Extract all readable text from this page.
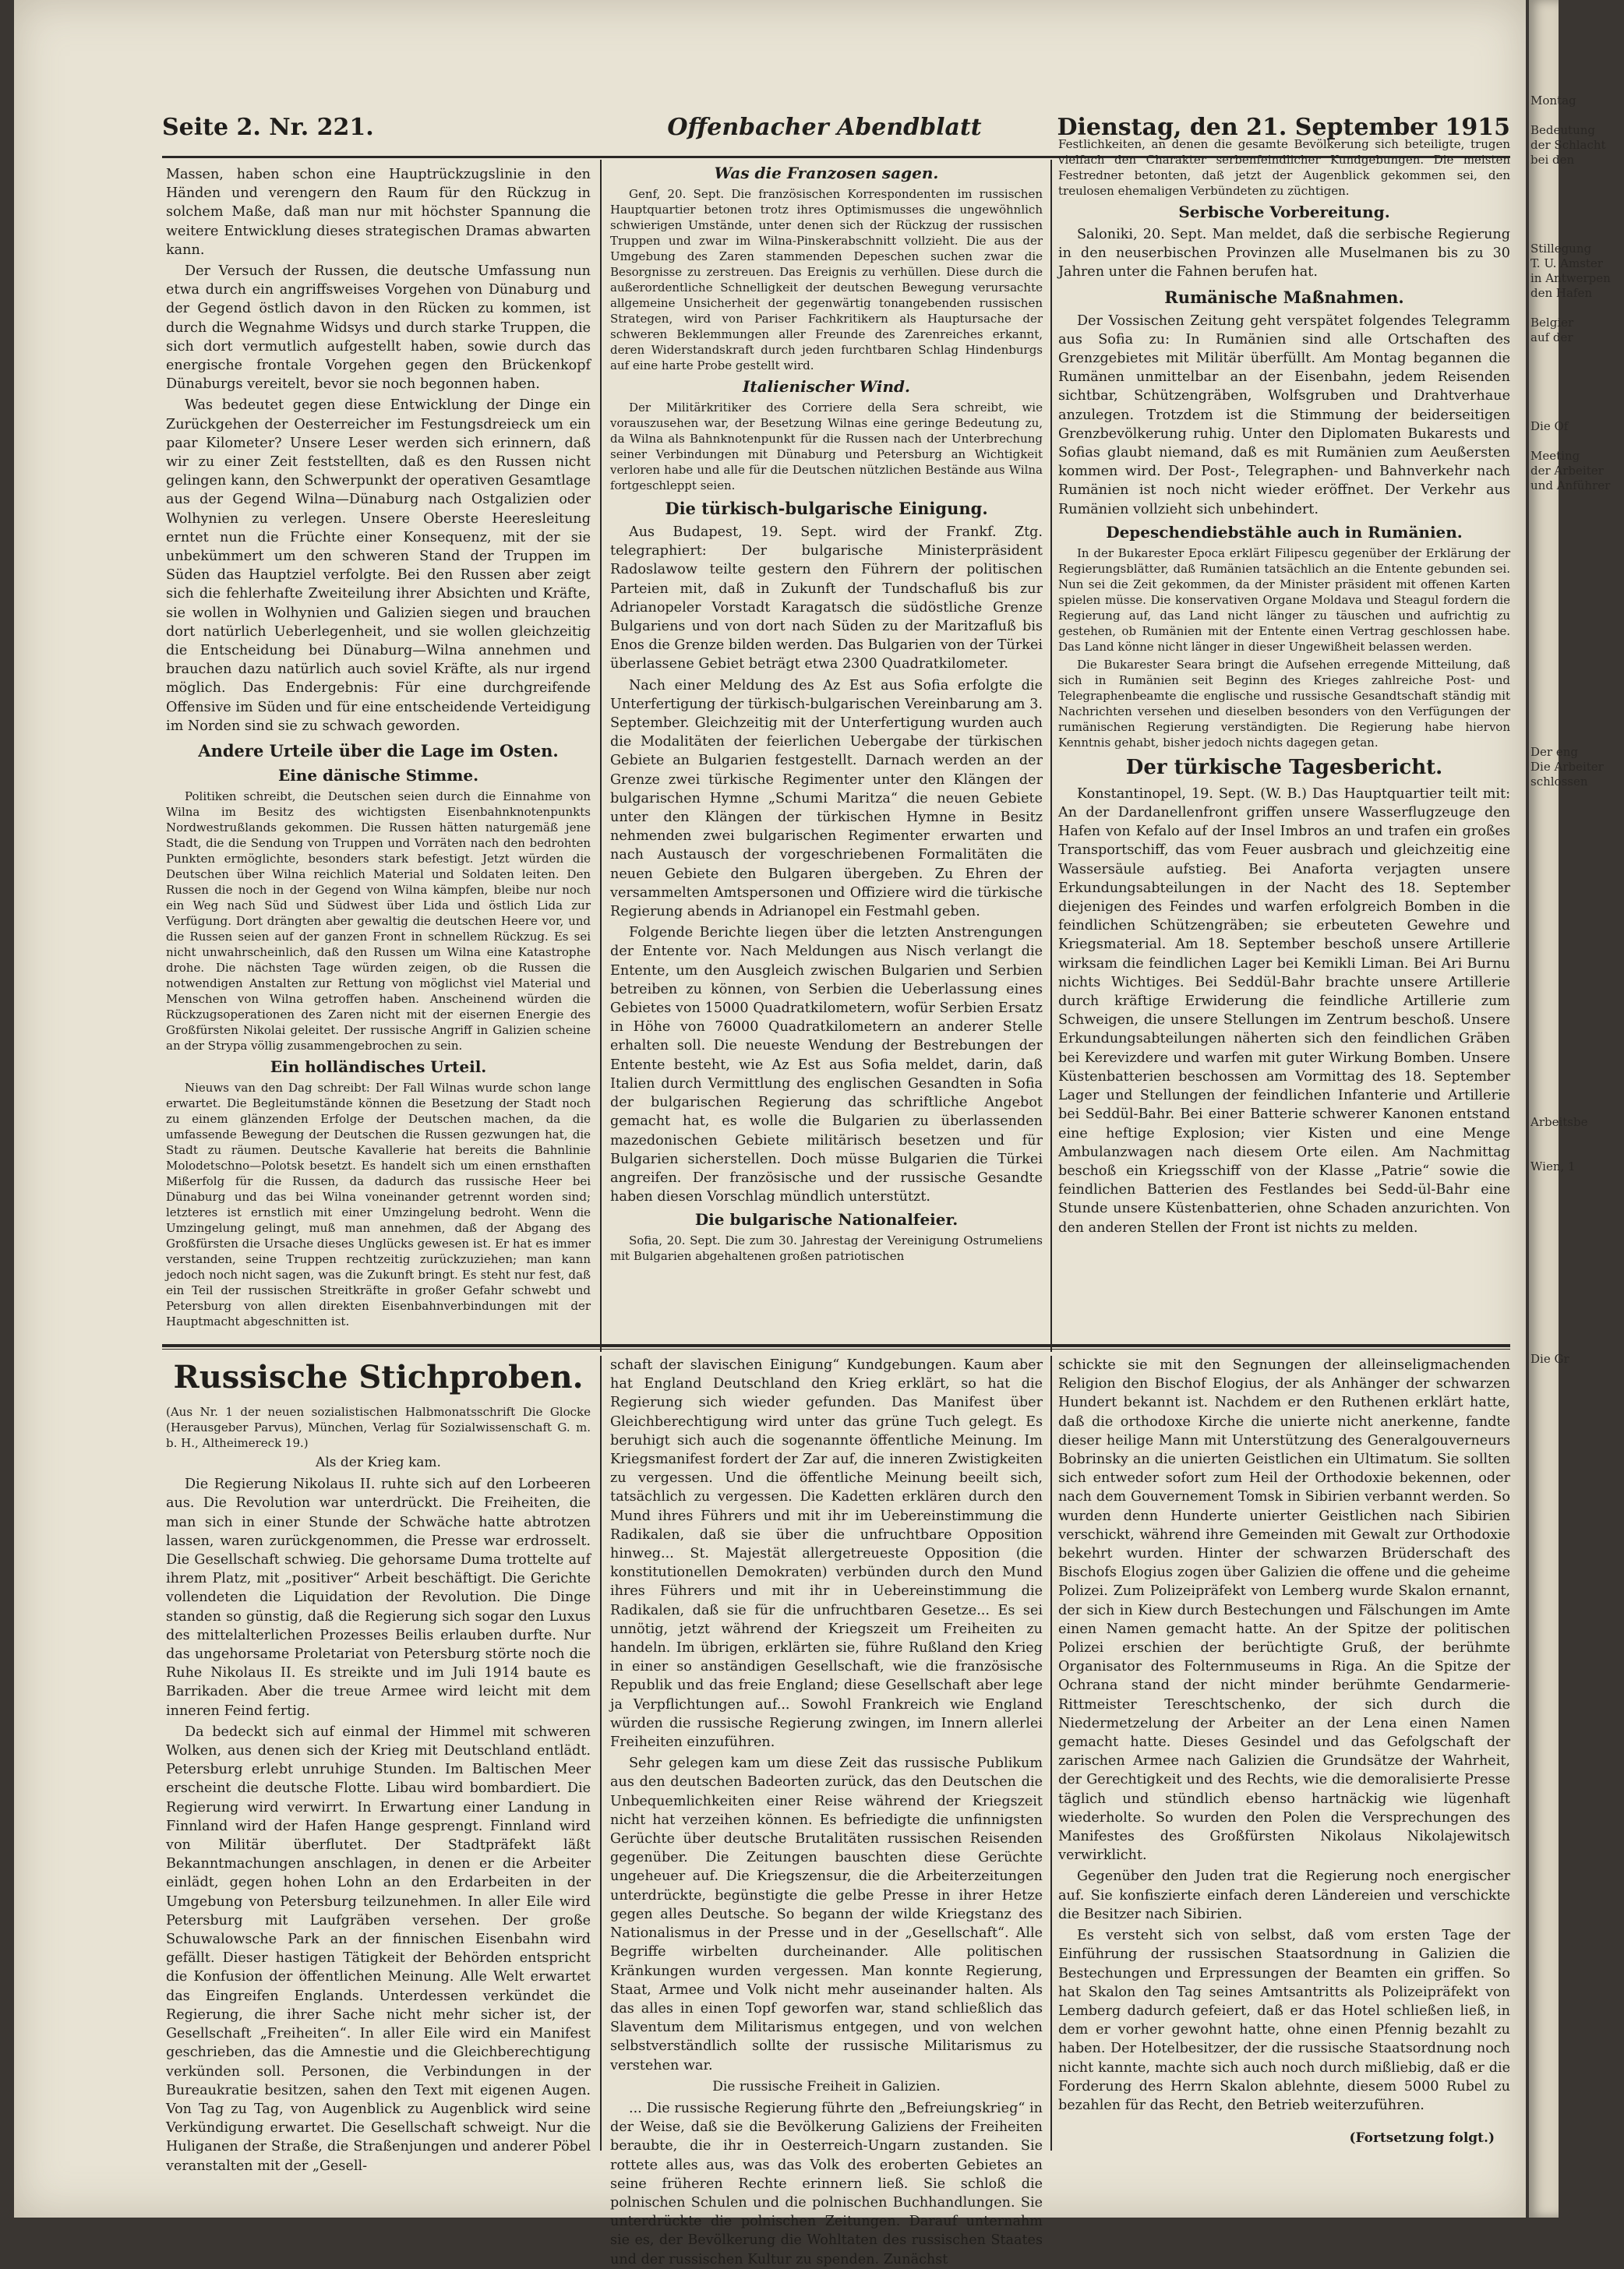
Seite 2. Nr. 221.	Offenbacher Abendblatt	Dienstag, den 21. September 1915

Massen, haben schon eine Hauptrückzugslinie in den Händen und verengern den Raum für den Rückzug in solchem Maße, daß man nur mit höchster Spannung die weitere Entwicklung dieses strategischen Dramas abwarten kann.

Der Versuch der Russen, die deutsche Umfassung nun etwa durch ein angriffsweises Vorgehen von Dünaburg und der Gegend östlich davon in den Rücken zu kommen, ist durch die Wegnahme Widsys und durch starke Truppen, die sich dort vermutlich aufgestellt haben, sowie durch das energische frontale Vorgehen gegen den Brückenkopf Dünaburgs vereitelt, bevor sie noch begonnen haben.

Was bedeutet gegen diese Entwicklung der Dinge ein Zurückgehen der Oesterreicher im Festungsdreieck um ein paar Kilometer? Unsere Leser werden sich erinnern, daß wir zu einer Zeit feststellten, daß es den Russen nicht gelingen kann, den Schwerpunkt der operativen Gesamtlage aus der Gegend Wilna—Dünaburg nach Ostgalizien oder Wolhynien zu verlegen. Unsere Oberste Heeresleitung erntet nun die Früchte einer Konsequenz, mit der sie unbekümmert um den schweren Stand der Truppen im Süden das Hauptziel verfolgte. Bei den Russen aber zeigt sich die fehlerhafte Zweiteilung ihrer Absichten und Kräfte, sie wollen in Wolhynien und Galizien siegen und brauchen dort natürlich Ueberlegenheit, und sie wollen gleichzeitig die Entscheidung bei Dünaburg—Wilna annehmen und brauchen dazu natürlich auch soviel Kräfte, als nur irgend möglich. Das Endergebnis: Für eine durchgreifende Offensive im Süden und für eine entscheidende Verteidigung im Norden sind sie zu schwach geworden.

Andere Urteile über die Lage im Osten.
Eine dänische Stimme.

Politiken schreibt, die Deutschen seien durch die Einnahme von Wilna im Besitz des wichtigsten Eisenbahnknotenpunkts Nordwestrußlands gekommen. Die Russen hätten naturgemäß jene Stadt, die die Sendung von Truppen und Vorräten nach den bedrohten Punkten ermöglichte, besonders stark befestigt. Jetzt würden die Deutschen über Wilna reichlich Material und Soldaten leiten. Den Russen die noch in der Gegend von Wilna kämpfen, bleibe nur noch ein Weg nach Süd und Südwest über Lida und östlich Lida zur Verfügung. Dort drängten aber gewaltig die deutschen Heere vor, und die Russen seien auf der ganzen Front in schnellem Rückzug. Es sei nicht unwahrscheinlich, daß den Russen um Wilna eine Katastrophe drohe. Die nächsten Tage würden zeigen, ob die Russen die notwendigen Anstalten zur Rettung von möglichst viel Material und Menschen von Wilna getroffen haben. Anscheinend würden die Rückzugsoperationen des Zaren nicht mit der eisernen Energie des Großfürsten Nikolai geleitet. Der russische Angriff in Galizien scheine an der Strypa völlig zusammengebrochen zu sein.

Ein holländisches Urteil.

Nieuws van den Dag schreibt: Der Fall Wilnas wurde schon lange erwartet. Die Begleitumstände können die Besetzung der Stadt noch zu einem glänzenden Erfolge der Deutschen machen, da die umfassende Bewegung der Deutschen die Russen gezwungen hat, die Stadt zu räumen. Deutsche Kavallerie hat bereits die Bahnlinie Molodetschno—Polotsk besetzt. Es handelt sich um einen ernsthaften Mißerfolg für die Russen, da dadurch das russische Heer bei Dünaburg und das bei Wilna voneinander getrennt worden sind; letzteres ist ernstlich mit einer Umzingelung bedroht. Wenn die Umzingelung gelingt, muß man annehmen, daß der Abgang des Großfürsten die Ursache dieses Unglücks gewesen ist. Er hat es immer verstanden, seine Truppen rechtzeitig zurückzuziehen; man kann jedoch noch nicht sagen, was die Zukunft bringt. Es steht nur fest, daß ein Teil der russischen Streitkräfte in großer Gefahr schwebt und Petersburg von allen direkten Eisenbahnverbindungen mit der Hauptmacht abgeschnitten ist.

Was die Franzosen sagen.

Genf, 20. Sept. Die französischen Korrespondenten im russischen Hauptquartier betonen trotz ihres Optimismusses die ungewöhnlich schwierigen Umstände, unter denen sich der Rückzug der russischen Truppen und zwar im Wilna-Pinskerabschnitt vollzieht. Die aus der Umgebung des Zaren stammenden Depeschen suchen zwar die Besorgnisse zu zerstreuen. Das Ereignis zu verhüllen. Diese durch die außerordentliche Schnelligkeit der deutschen Bewegung verursachte allgemeine Unsicherheit der gegenwärtig tonangebenden russischen Strategen, wird von Pariser Fachkritikern als Hauptursache der schweren Beklemmungen aller Freunde des Zarenreiches erkannt, deren Widerstandskraft durch jeden furchtbaren Schlag Hindenburgs auf eine harte Probe gestellt wird.

Italienischer Wind.

Der Militärkritiker des Corriere della Sera schreibt, wie vorauszusehen war, der Besetzung Wilnas eine geringe Bedeutung zu, da Wilna als Bahnknotenpunkt für die Russen nach der Unterbrechung seiner Verbindungen mit Dünaburg und Petersburg an Wichtigkeit verloren habe und alle für die Deutschen nützlichen Bestände aus Wilna fortgeschleppt seien.

Die türkisch-bulgarische Einigung.

Aus Budapest, 19. Sept. wird der Frankf. Ztg. telegraphiert: Der bulgarische Ministerpräsident Radoslawow teilte gestern den Führern der politischen Parteien mit, daß in Zukunft der Tundschafluß bis zur Adrianopeler Vorstadt Karagatsch die südöstliche Grenze Bulgariens und von dort nach Süden zu der Maritzafluß bis Enos die Grenze bilden werden. Das Bulgarien von der Türkei überlassene Gebiet beträgt etwa 2300 Quadratkilometer.

Nach einer Meldung des Az Est aus Sofia erfolgte die Unterfertigung der türkisch-bulgarischen Vereinbarung am 3. September. Gleichzeitig mit der Unterfertigung wurden auch die Modalitäten der feierlichen Uebergabe der türkischen Gebiete an Bulgarien festgestellt. Darnach werden an der Grenze zwei türkische Regimenter unter den Klängen der bulgarischen Hymne „Schumi Maritza“ die neuen Gebiete unter den Klängen der türkischen Hymne in Besitz nehmenden zwei bulgarischen Regimenter erwarten und nach Austausch der vorgeschriebenen Formalitäten die neuen Gebiete den Bulgaren übergeben. Zu Ehren der versammelten Amtspersonen und Offiziere wird die türkische Regierung abends in Adrianopel ein Festmahl geben.

Folgende Berichte liegen über die letzten Anstrengungen der Entente vor. Nach Meldungen aus Nisch verlangt die Entente, um den Ausgleich zwischen Bulgarien und Serbien betreiben zu können, von Serbien die Ueberlassung eines Gebietes von 15000 Quadratkilometern, wofür Serbien Ersatz in Höhe von 76000 Quadratkilometern an anderer Stelle erhalten soll. Die neueste Wendung der Bestrebungen der Entente besteht, wie Az Est aus Sofia meldet, darin, daß Italien durch Vermittlung des englischen Gesandten in Sofia der bulgarischen Regierung das schriftliche Angebot gemacht hat, es wolle die Bulgarien zu überlassenden mazedonischen Gebiete militärisch besetzen und für Bulgarien sicherstellen. Doch müsse Bulgarien die Türkei angreifen. Der französische und der russische Gesandte haben diesen Vorschlag mündlich unterstützt.

Die bulgarische Nationalfeier.

Sofia, 20. Sept. Die zum 30. Jahrestag der Vereinigung Ostrumeliens mit Bulgarien abgehaltenen großen patriotischen

Festlichkeiten, an denen die gesamte Bevölkerung sich beteiligte, trugen vielfach den Charakter serbenfeindlicher Kundgebungen. Die meisten Festredner betonten, daß jetzt der Augenblick gekommen sei, den treulosen ehemaligen Verbündeten zu züchtigen.

Serbische Vorbereitung.

Saloniki, 20. Sept. Man meldet, daß die serbische Regierung in den neuserbischen Provinzen alle Muselmanen bis zu 30 Jahren unter die Fahnen berufen hat.

Rumänische Maßnahmen.

Der Vossischen Zeitung geht verspätet folgendes Telegramm aus Sofia zu: In Rumänien sind alle Ortschaften des Grenzgebietes mit Militär überfüllt. Am Montag begannen die Rumänen unmittelbar an der Eisenbahn, jedem Reisenden sichtbar, Schützengräben, Wolfsgruben und Drahtverhaue anzulegen. Trotzdem ist die Stimmung der beiderseitigen Grenzbevölkerung ruhig. Unter den Diplomaten Bukarests und Sofias glaubt niemand, daß es mit Rumänien zum Aeußersten kommen wird. Der Post-, Telegraphen- und Bahnverkehr nach Rumänien ist noch nicht wieder eröffnet. Der Verkehr aus Rumänien vollzieht sich unbehindert.

Depeschendiebstähle auch in Rumänien.

In der Bukarester Epoca erklärt Filipescu gegenüber der Erklärung der Regierungsblätter, daß Rumänien tatsächlich an die Entente gebunden sei. Nun sei die Zeit gekommen, da der Minister präsident mit offenen Karten spielen müsse. Die konservativen Organe Moldava und Steagul fordern die Regierung auf, das Land nicht länger zu täuschen und aufrichtig zu gestehen, ob Rumänien mit der Entente einen Vertrag geschlossen habe. Das Land könne nicht länger in dieser Ungewißheit belassen werden.

Die Bukarester Seara bringt die Aufsehen erregende Mitteilung, daß sich in Rumänien seit Beginn des Krieges zahlreiche Post- und Telegraphenbeamte die englische und russische Gesandtschaft ständig mit Nachrichten versehen und dieselben besonders von den Verfügungen der rumänischen Regierung verständigten. Die Regierung habe hiervon Kenntnis gehabt, bisher jedoch nichts dagegen getan.

Der türkische Tagesbericht.

Konstantinopel, 19. Sept. (W. B.) Das Hauptquartier teilt mit: An der Dardanellenfront griffen unsere Wasserflugzeuge den Hafen von Kefalo auf der Insel Imbros an und trafen ein großes Transportschiff, das vom Feuer ausbrach und gleichzeitig eine Wassersäule aufstieg. Bei Anaforta verjagten unsere Erkundungsabteilungen in der Nacht des 18. September diejenigen des Feindes und warfen erfolgreich Bomben in die feindlichen Schützengräben; sie erbeuteten Gewehre und Kriegsmaterial. Am 18. September beschoß unsere Artillerie wirksam die feindlichen Lager bei Kemikli Liman. Bei Ari Burnu nichts Wichtiges. Bei Seddül-Bahr brachte unsere Artillerie durch kräftige Erwiderung die feindliche Artillerie zum Schweigen, die unsere Stellungen im Zentrum beschoß. Unsere Erkundungsabteilungen näherten sich den feindlichen Gräben bei Kerevizdere und warfen mit guter Wirkung Bomben. Unsere Küstenbatterien beschossen am Vormittag des 18. September Lager und Stellungen der feindlichen Infanterie und Artillerie bei Seddül-Bahr. Bei einer Batterie schwerer Kanonen entstand eine heftige Explosion; vier Kisten und eine Menge Ambulanzwagen nach diesem Orte eilen. Am Nachmittag beschoß ein Kriegsschiff von der Klasse „Patrie“ sowie die feindlichen Batterien des Festlandes bei Sedd-ül-Bahr eine Stunde unsere Küstenbatterien, ohne Schaden anzurichten. Von den anderen Stellen der Front ist nichts zu melden.

Russische Stichproben.

(Aus Nr. 1 der neuen sozialistischen Halbmonatsschrift Die Glocke (Herausgeber Parvus), München, Verlag für Sozialwissenschaft G. m. b. H., Altheimereck 19.)

Als der Krieg kam.

Die Regierung Nikolaus II. ruhte sich auf den Lorbeeren aus. Die Revolution war unterdrückt. Die Freiheiten, die man sich in einer Stunde der Schwäche hatte abtrotzen lassen, waren zurückgenommen, die Presse war erdrosselt. Die Gesellschaft schwieg. Die gehorsame Duma trottelte auf ihrem Platz, mit „positiver“ Arbeit beschäftigt. Die Gerichte vollendeten die Liquidation der Revolution. Die Dinge standen so günstig, daß die Regierung sich sogar den Luxus des mittelalterlichen Prozesses Beilis erlauben durfte. Nur das ungehorsame Proletariat von Petersburg störte noch die Ruhe Nikolaus II. Es streikte und im Juli 1914 baute es Barrikaden. Aber die treue Armee wird leicht mit dem inneren Feind fertig.

Da bedeckt sich auf einmal der Himmel mit schweren Wolken, aus denen sich der Krieg mit Deutschland entlädt. Petersburg erlebt unruhige Stunden. Im Baltischen Meer erscheint die deutsche Flotte. Libau wird bombardiert. Die Regierung wird verwirrt. In Erwartung einer Landung in Finnland wird der Hafen Hange gesprengt. Finnland wird von Militär überflutet. Der Stadtpräfekt läßt Bekanntmachungen anschlagen, in denen er die Arbeiter einlädt, gegen hohen Lohn an den Erdarbeiten in der Umgebung von Petersburg teilzunehmen. In aller Eile wird Petersburg mit Laufgräben versehen. Der große Schuwalowsche Park an der finnischen Eisenbahn wird gefällt. Dieser hastigen Tätigkeit der Behörden entspricht die Konfusion der öffentlichen Meinung. Alle Welt erwartet das Eingreifen Englands. Unterdessen verkündet die Regierung, die ihrer Sache nicht mehr sicher ist, der Gesellschaft „Freiheiten“. In aller Eile wird ein Manifest geschrieben, das die Amnestie und die Gleichberechtigung verkünden soll. Personen, die Verbindungen in der Bureaukratie besitzen, sahen den Text mit eigenen Augen. Von Tag zu Tag, von Augenblick zu Augenblick wird seine Verkündigung erwartet. Die Gesellschaft schweigt. Nur die Huliganen der Straße, die Straßenjungen und anderer Pöbel veranstalten mit der „Gesell-

schaft der slavischen Einigung“ Kundgebungen. Kaum aber hat England Deutschland den Krieg erklärt, so hat die Regierung sich wieder gefunden. Das Manifest über Gleichberechtigung wird unter das grüne Tuch gelegt. Es beruhigt sich auch die sogenannte öffentliche Meinung. Im Kriegsmanifest fordert der Zar auf, die inneren Zwistigkeiten zu vergessen. Und die öffentliche Meinung beeilt sich, tatsächlich zu vergessen. Die Kadetten erklären durch den Mund ihres Führers und mit ihr im Uebereinstimmung die Radikalen, daß sie über die unfruchtbare Opposition hinweg... St. Majestät allergetreueste Opposition (die konstitutionellen Demokraten) verbünden durch den Mund ihres Führers und mit ihr in Uebereinstimmung die Radikalen, daß sie für die unfruchtbaren Gesetze... Es sei unnötig, jetzt während der Kriegszeit um Freiheiten zu handeln. Im übrigen, erklärten sie, führe Rußland den Krieg in einer so anständigen Gesellschaft, wie die französische Republik und das freie England; diese Gesellschaft aber lege ja Verpflichtungen auf... Sowohl Frankreich wie England würden die russische Regierung zwingen, im Innern allerlei Freiheiten einzuführen.

Sehr gelegen kam um diese Zeit das russische Publikum aus den deutschen Badeorten zurück, das den Deutschen die Unbequemlichkeiten einer Reise während der Kriegszeit nicht hat verzeihen können. Es befriedigte die unfinnigsten Gerüchte über deutsche Brutalitäten russischen Reisenden gegenüber. Die Zeitungen bauschten diese Gerüchte ungeheuer auf. Die Kriegszensur, die die Arbeiterzeitungen unterdrückte, begünstigte die gelbe Presse in ihrer Hetze gegen alles Deutsche. So begann der wilde Kriegstanz des Nationalismus in der Presse und in der „Gesellschaft“. Alle Begriffe wirbelten durcheinander. Alle politischen Kränkungen wurden vergessen. Man konnte Regierung, Staat, Armee und Volk nicht mehr auseinander halten. Als das alles in einen Topf geworfen war, stand schließlich das Slaventum dem Militarismus entgegen, und von welchen selbstverständlich sollte der russische Militarismus zu verstehen war.

Die russische Freiheit in Galizien.

... Die russische Regierung führte den „Befreiungskrieg“ in der Weise, daß sie die Bevölkerung Galiziens der Freiheiten beraubte, die ihr in Oesterreich-Ungarn zustanden. Sie rottete alles aus, was das Volk des eroberten Gebietes an seine früheren Rechte erinnern ließ. Sie schloß die polnischen Schulen und die polnischen Buchhandlungen. Sie unterdrückte die polnischen Zeitungen. Darauf unternahm sie es, der Bevölkerung die Wohltaten des russischen Staates und der russischen Kultur zu spenden. Zunächst

schickte sie mit den Segnungen der alleinseligmachenden Religion den Bischof Elogius, der als Anhänger der schwarzen Hundert bekannt ist. Nachdem er den Ruthenen erklärt hatte, daß die orthodoxe Kirche die unierte nicht anerkenne, fandte dieser heilige Mann mit Unterstützung des Generalgouverneurs Bobrinsky an die unierten Geistlichen ein Ultimatum. Sie sollten sich entweder sofort zum Heil der Orthodoxie bekennen, oder nach dem Gouvernement Tomsk in Sibirien verbannt werden. So wurden denn Hunderte unierter Geistlichen nach Sibirien verschickt, während ihre Gemeinden mit Gewalt zur Orthodoxie bekehrt wurden. Hinter der schwarzen Brüderschaft des Bischofs Elogius zogen über Galizien die offene und die geheime Polizei. Zum Polizeipräfekt von Lemberg wurde Skalon ernannt, der sich in Kiew durch Bestechungen und Fälschungen im Amte einen Namen gemacht hatte. An der Spitze der politischen Polizei erschien der berüchtigte Gruß, der berühmte Organisator des Folternmuseums in Riga. An die Spitze der Ochrana stand der nicht minder berühmte Gendarmerie-Rittmeister Tereschtschenko, der sich durch die Niedermetzelung der Arbeiter an der Lena einen Namen gemacht hatte. Dieses Gesindel und das Gefolgschaft der zarischen Armee nach Galizien die Grundsätze der Wahrheit, der Gerechtigkeit und des Rechts, wie die demoralisierte Presse täglich und stündlich ebenso hartnäckig wie lügenhaft wiederholte. So wurden den Polen die Versprechungen des Manifestes des Großfürsten Nikolaus Nikolajewitsch verwirklicht.

Gegenüber den Juden trat die Regierung noch energischer auf. Sie konfiszierte einfach deren Ländereien und verschickte die Besitzer nach Sibirien.

Es versteht sich von selbst, daß vom ersten Tage der Einführung der russischen Staatsordnung in Galizien die Bestechungen und Erpressungen der Beamten ein griffen. So hat Skalon den Tag seines Amtsantritts als Polizeipräfekt von Lemberg dadurch gefeiert, daß er das Hotel schließen ließ, in dem er vorher gewohnt hatte, ohne einen Pfennig bezahlt zu haben. Der Hotelbesitzer, der die russische Staatsordnung noch nicht kannte, machte sich auch noch durch mißliebig, daß er die Forderung des Herrn Skalon ablehnte, diesem 5000 Rubel zu bezahlen für das Recht, den Betrieb weiterzuführen.

(Fortsetzung folgt.)
Montag

Bedeutung
der Schlacht
bei den

Stillegung
T. U. Amster
in Antwerpen
den Hafen

Belgier
auf der

Die Of

Meeting
der Arbeiter
und Anführer

Der eng
Die Arbeiter
schlossen

Arbeitsbe

Wien, 1

Die Gr
